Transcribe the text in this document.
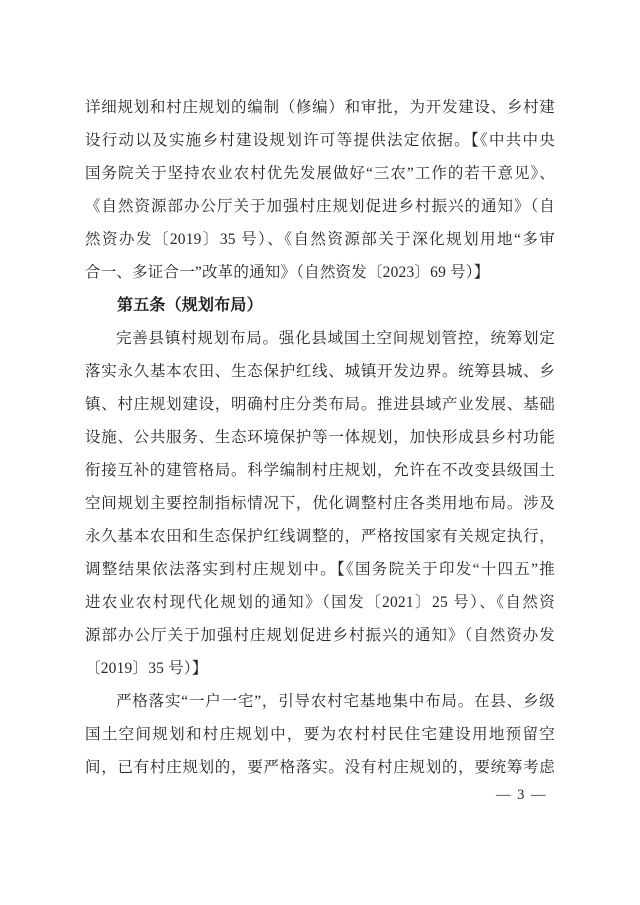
详细规划和村庄规划的编制（修编）和审批，为开发建设、乡村建
设行动以及实施乡村建设规划许可等提供法定依据。【《中共中央
国务院关于坚持农业农村优先发展做好“三农”工作的若干意见》、
《自然资源部办公厅关于加强村庄规划促进乡村振兴的通知》（自
然资办发〔2019〕35 号）、《自然资源部关于深化规划用地“多审
合一、多证合一”改革的通知》（自然资发〔2023〕69 号）】
第五条（规划布局）
完善县镇村规划布局。强化县域国土空间规划管控，统筹划定
落实永久基本农田、生态保护红线、城镇开发边界。统筹县城、乡
镇、村庄规划建设，明确村庄分类布局。推进县域产业发展、基础
设施、公共服务、生态环境保护等一体规划，加快形成县乡村功能
衔接互补的建管格局。科学编制村庄规划，允许在不改变县级国土
空间规划主要控制指标情况下，优化调整村庄各类用地布局。涉及
永久基本农田和生态保护红线调整的，严格按国家有关规定执行，
调整结果依法落实到村庄规划中。【《国务院关于印发“十四五”推
进农业农村现代化规划的通知》（国发〔2021〕25 号）、《自然资
源部办公厅关于加强村庄规划促进乡村振兴的通知》（自然资办发
〔2019〕35 号）】
严格落实“一户一宅”，引导农村宅基地集中布局。在县、乡级
国土空间规划和村庄规划中，要为农村村民住宅建设用地预留空
间，已有村庄规划的，要严格落实。没有村庄规划的，要统筹考虑
— 3 —
